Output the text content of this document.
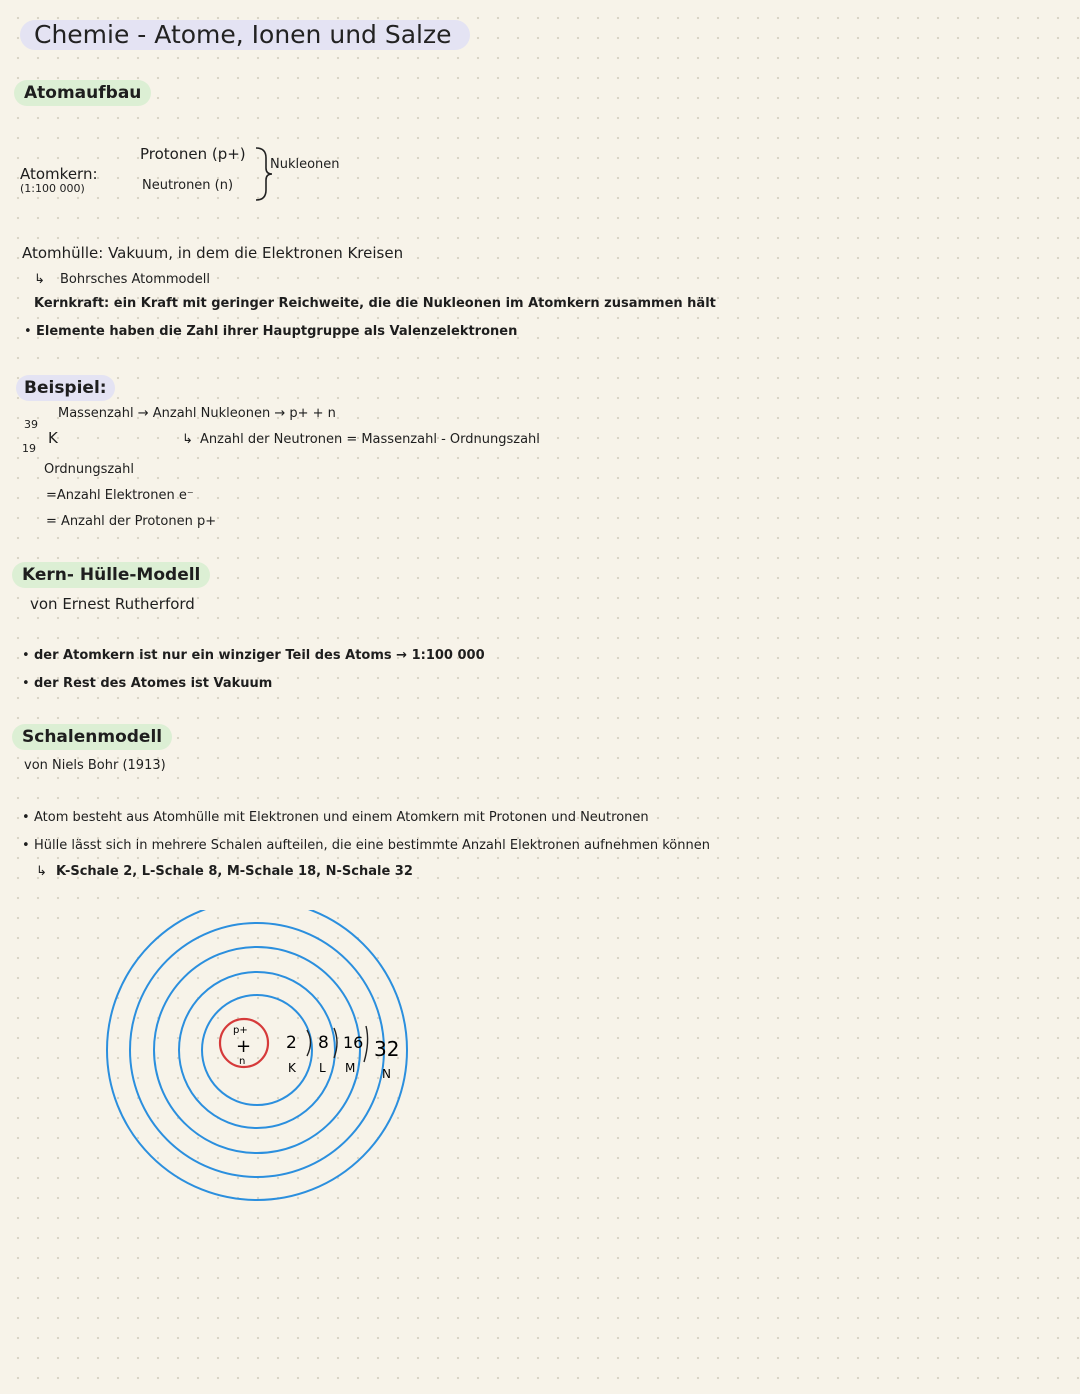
Chemie - Atome, Ionen und Salze
Atomaufbau
Atomkern:
(1:100 000)
Protonen (p+)
Neutronen (n)
Nukleonen
Atomhülle: Vakuum, in dem die Elektronen Kreisen
↳ Bohrsches Atommodell
Kernkraft: ein Kraft mit geringer Reichweite, die die Nukleonen im Atomkern zusammen hält
• Elemente haben die Zahl ihrer Hauptgruppe als Valenzelektronen
Beispiel:
39
19
K
Massenzahl → Anzahl Nukleonen → p+ + n
↳ Anzahl der Neutronen = Massenzahl - Ordnungszahl
Ordnungszahl
=Anzahl Elektronen e⁻
= Anzahl der Protonen p+
Kern- Hülle-Modell
von Ernest Rutherford
• der Atomkern ist nur ein winziger Teil des Atoms → 1:100 000
• der Rest des Atomes ist Vakuum
Schalenmodell
von Niels Bohr (1913)
• Atom besteht aus Atomhülle mit Elektronen und einem Atomkern mit Protonen und Neutronen
• Hülle lässt sich in mehrere Schalen aufteilen, die eine bestimmte Anzahl Elektronen aufnehmen können
↳ K-Schale 2, L-Schale 8, M-Schale 18, N-Schale 32
p+
+
n
2
K
8
L
16
M
32
N
